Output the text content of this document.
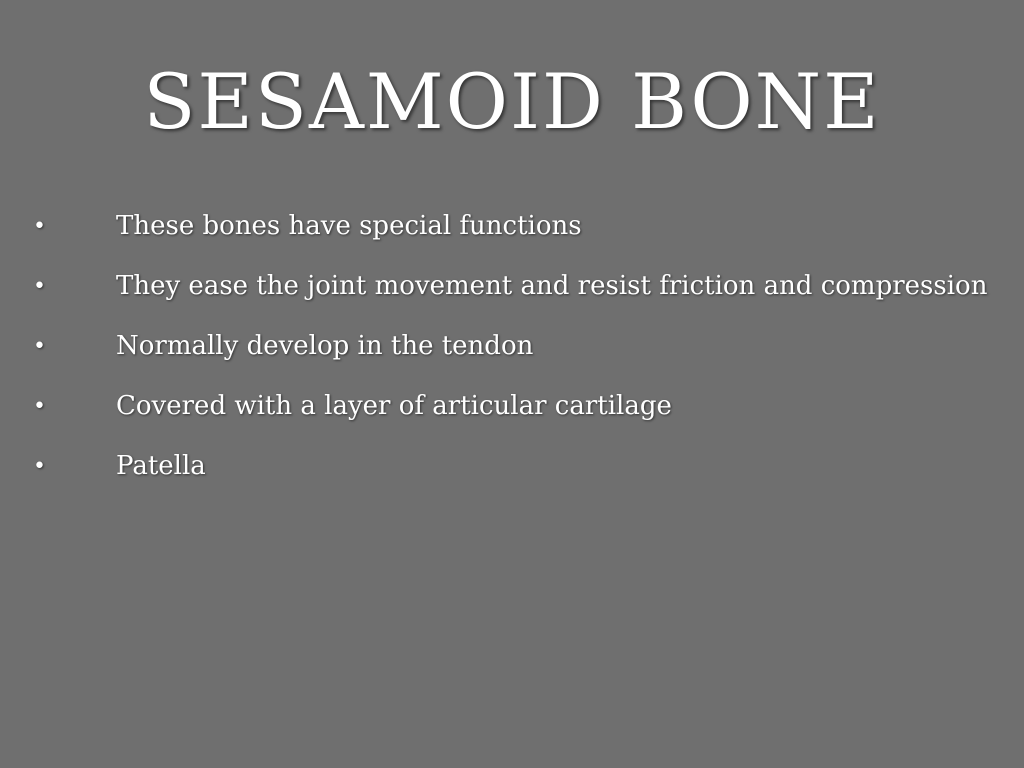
SESAMOID BONE
•	These bones have special functions
•	They ease the joint movement and resist friction and compression
•	Normally develop in the tendon
•	Covered with a layer of articular cartilage
•	Patella
